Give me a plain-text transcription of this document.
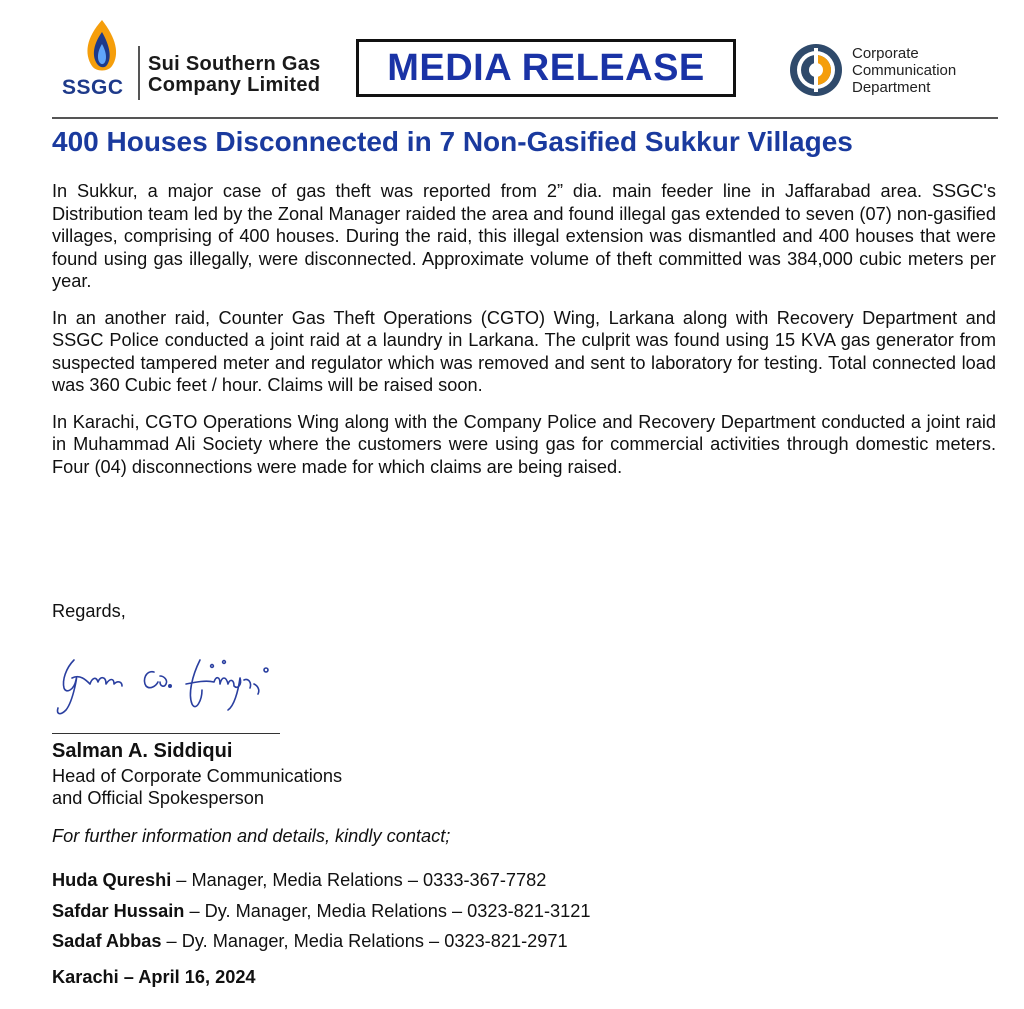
SSGC
Sui Southern Gas
Company Limited MEDIA RELEASE	Corporate
Communication
Department
400 Houses Disconnected in 7 Non-Gasified Sukkur Villages

In Sukkur, a major case of gas theft was reported from 2” dia. main feeder line in Jaffarabad area. SSGC's Distribution team led by the Zonal Manager raided the area and found illegal gas extended to seven (07) non-gasified villages, comprising of 400 houses. During the raid, this illegal extension was dismantled and 400 houses that were found using gas illegally, were disconnected. Approximate volume of theft committed was 384,000 cubic meters per year.

In an another raid, Counter Gas Theft Operations (CGTO) Wing, Larkana along with Recovery Department and SSGC Police conducted a joint raid at a laundry in Larkana. The culprit was found using 15 KVA gas generator from suspected tampered meter and regulator which was removed and sent to laboratory for testing. Total connected load was 360 Cubic feet / hour. Claims will be raised soon.

In Karachi, CGTO Operations Wing along with the Company Police and Recovery Department conducted a joint raid in Muhammad Ali Society where the customers were using gas for commercial activities through domestic meters. Four (04) disconnections were made for which claims are being raised.

Regards,
Salman A. Siddiqui
Head of Corporate Communications
and Official Spokesperson
For further information and details, kindly contact;
Huda Qureshi – Manager, Media Relations – 0333-367-7782
Safdar Hussain – Dy. Manager, Media Relations – 0323-821-3121
Sadaf Abbas – Dy. Manager, Media Relations – 0323-821-2971
Karachi – April 16, 2024
